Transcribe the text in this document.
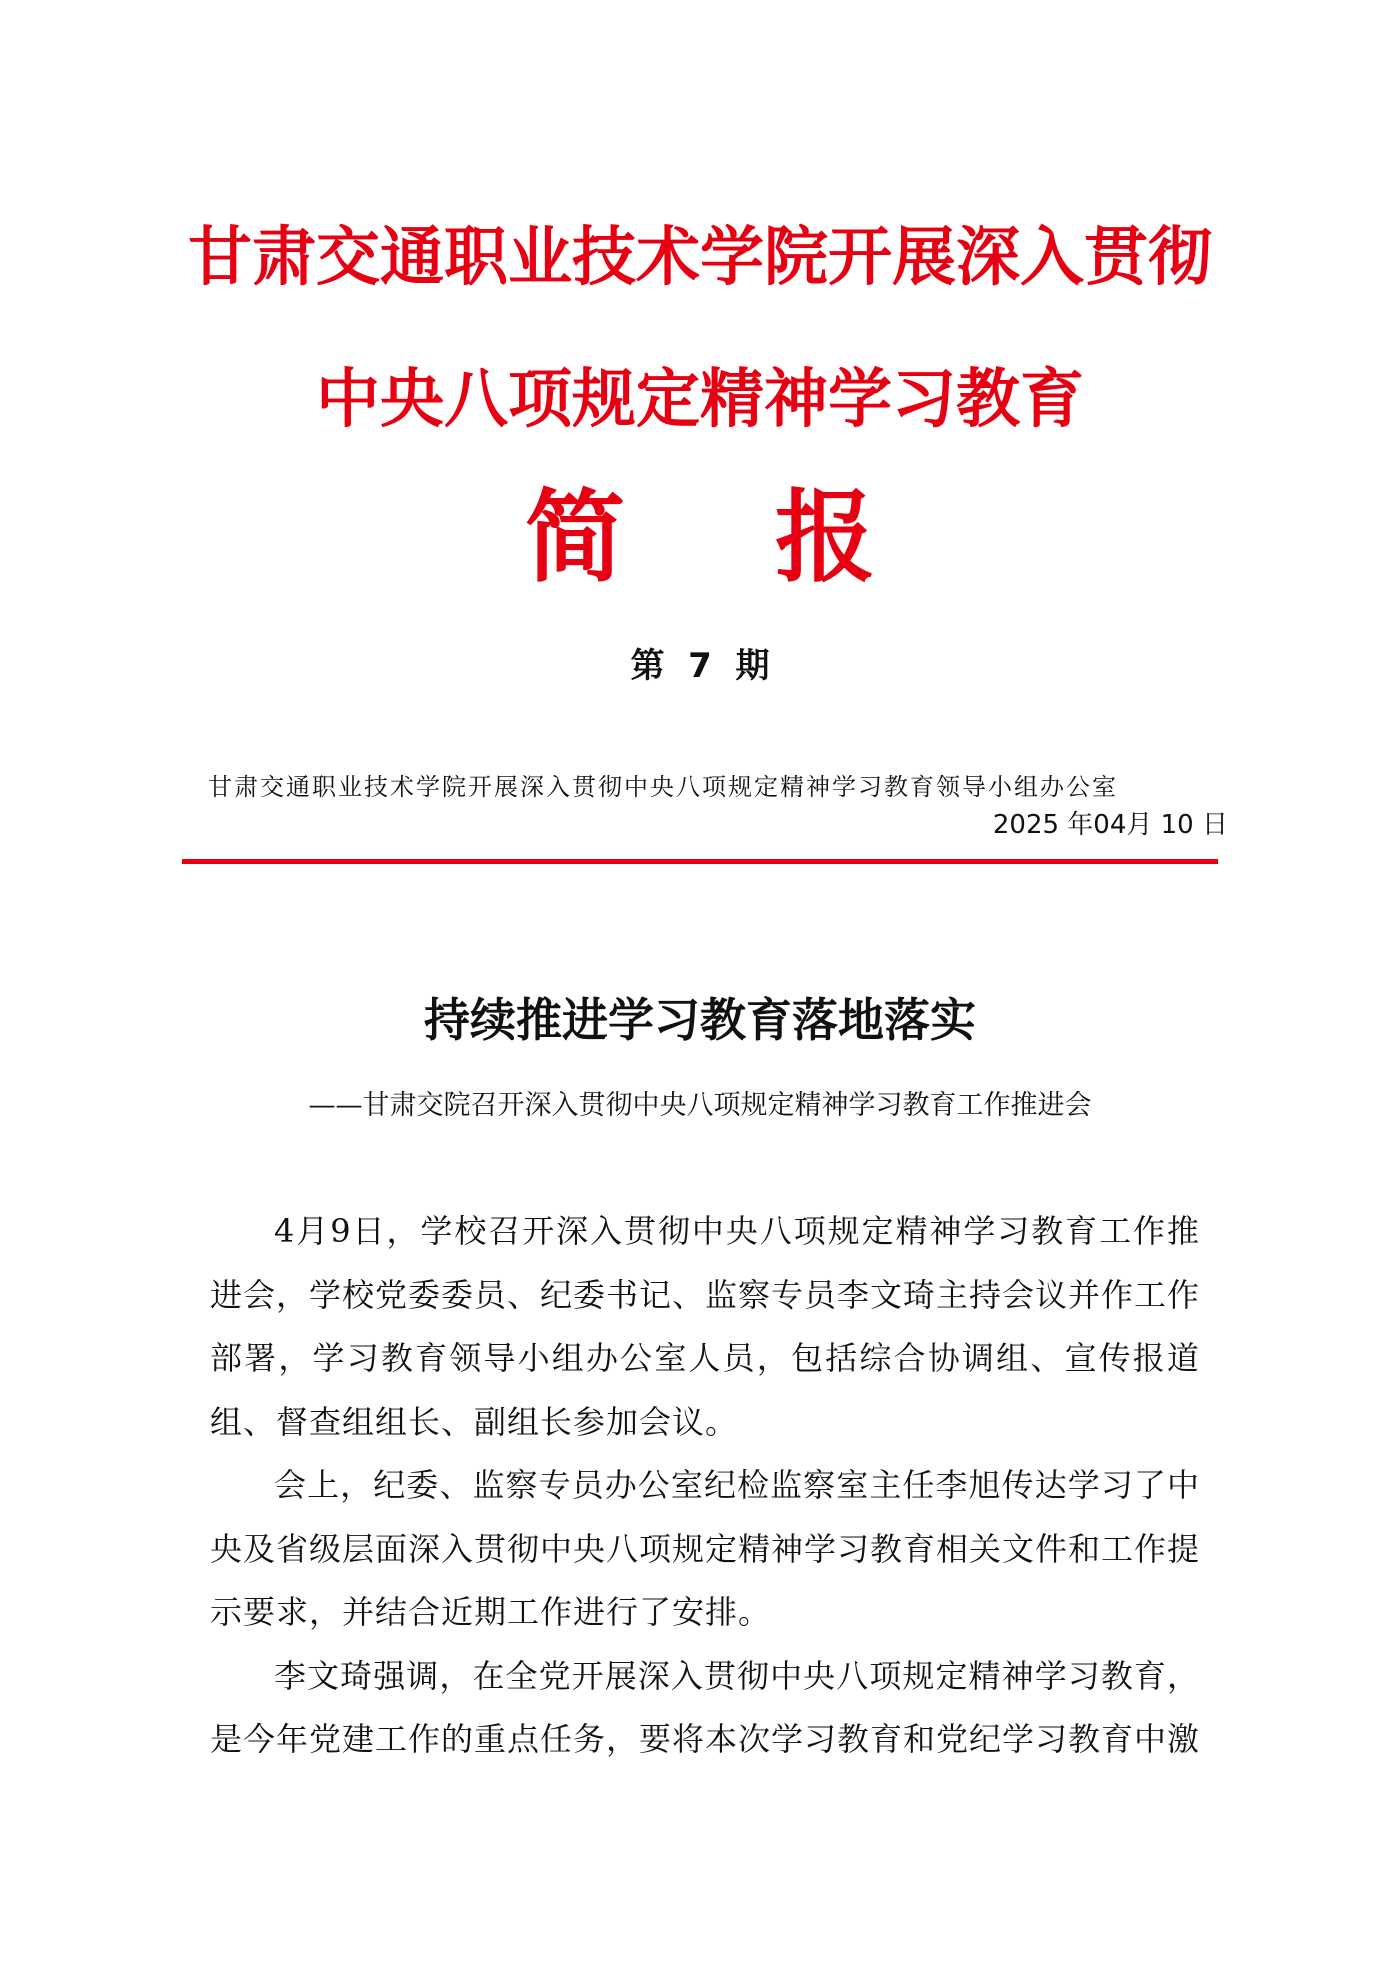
甘肃交通职业技术学院开展深入贯彻
中央八项规定精神学习教育
简 报
第  7  期
甘肃交通职业技术学院开展深入贯彻中央八项规定精神学习教育领导小组办公室
2025 年04月 10 日
持续推进学习教育落地落实
——甘肃交院召开深入贯彻中央八项规定精神学习教育工作推进会

4月9日，学校召开深入贯彻中央八项规定精神学习教育工作推进会，学校党委委员、纪委书记、监察专员李文琦主持会议并作工作部署，学习教育领导小组办公室人员，包括综合协调组、宣传报道组、督查组组长、副组长参加会议。

会上，纪委、监察专员办公室纪检监察室主任李旭传达学习了中央及省级层面深入贯彻中央八项规定精神学习教育相关文件和工作提示要求，并结合近期工作进行了安排。

李文琦强调，在全党开展深入贯彻中央八项规定精神学习教育，是今年党建工作的重点任务，要将本次学习教育和党纪学习教育中激
